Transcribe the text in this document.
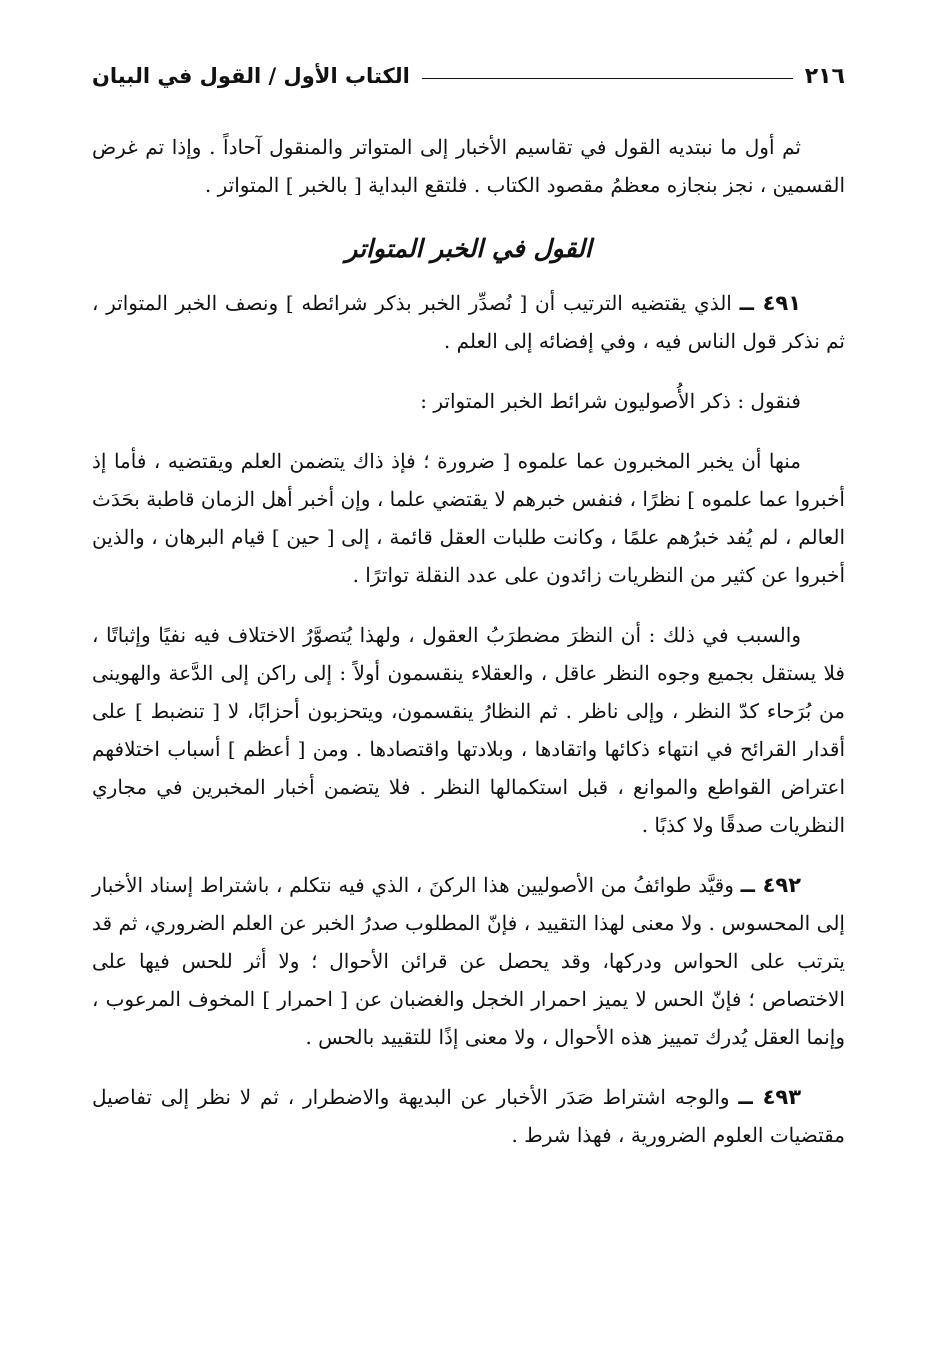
٢١٦
الكتاب الأول / القول في البيان

ثم أول ما نبتديه القول في تقاسيم الأخبار إلى المتواتر والمنقول آحاداً . وإذا تم غرض القسمين ، نجز بنجازه معظمُ مقصود الكتاب . فلتقع البداية [ بالخبر ] المتواتر .

القول في الخبر المتواتر

٤٩١ ــ الذي يقتضيه الترتيب أن [ نُصدِّر الخبر بذكر شرائطه ] ونصف الخبر المتواتر ، ثم نذكر قول الناس فيه ، وفي إفضائه إلى العلم .

فنقول : ذكر الأُصوليون شرائط الخبر المتواتر :

منها أن يخبر المخبرون عما علموه [ ضرورة ؛ فإذ ذاك يتضمن العلم ويقتضيه ، فأما إذ أخبروا عما علموه ] نظرًا ، فنفس خبرهم لا يقتضي علما ، وإن أخبر أهل الزمان قاطبة بحَدَث العالم ، لم يُفد خبرُهم علمًا ، وكانت طلبات العقل قائمة ، إلى [ حين ] قيام البرهان ، والذين أخبروا عن كثير من النظريات زائدون على عدد النقلة تواترًا .

والسبب في ذلك : أن النظرَ مضطرَبُ العقول ، ولهذا يُتصوَّرُ الاختلاف فيه نفيًا وإثباتًا ، فلا يستقل بجميع وجوه النظر عاقل ، والعقلاء ينقسمون أولاً : إلى راكن إلى الدَّعة والهوينى من بُرَحاء كدّ النظر ، وإلى ناظر . ثم النظارُ ينقسمون، ويتحزبون أحزابًا، لا [ تنضبط ] على أقدار القرائح في انتهاء ذكائها واتقادها ، وبلادتها واقتصادها . ومن [ أعظم ] أسباب اختلافهم اعتراض القواطع والموانع ، قبل استكمالها النظر . فلا يتضمن أخبار المخبرين في مجاري النظريات صدقًا ولا كذبًا .

٤٩٢ ــ وقيَّد طوائفُ من الأصوليين هذا الركنَ ، الذي فيه نتكلم ، باشتراط إسناد الأخبار إلى المحسوس . ولا معنى لهذا التقييد ، فإنّ المطلوب صدرُ الخبر عن العلم الضروري، ثم قد يترتب على الحواس ودركها، وقد يحصل عن قرائن الأحوال ؛ ولا أثر للحس فيها على الاختصاص ؛ فإنّ الحس لا يميز احمرار الخجل والغضبان عن [ احمرار ] المخوف المرعوب ، وإنما العقل يُدرك تمييز هذه الأحوال ، ولا معنى إذًا للتقييد بالحس .

٤٩٣ ــ والوجه اشتراط صَدَر الأخبار عن البديهة والاضطرار ، ثم لا نظر إلى تفاصيل مقتضيات العلوم الضرورية ، فهذا شرط .
